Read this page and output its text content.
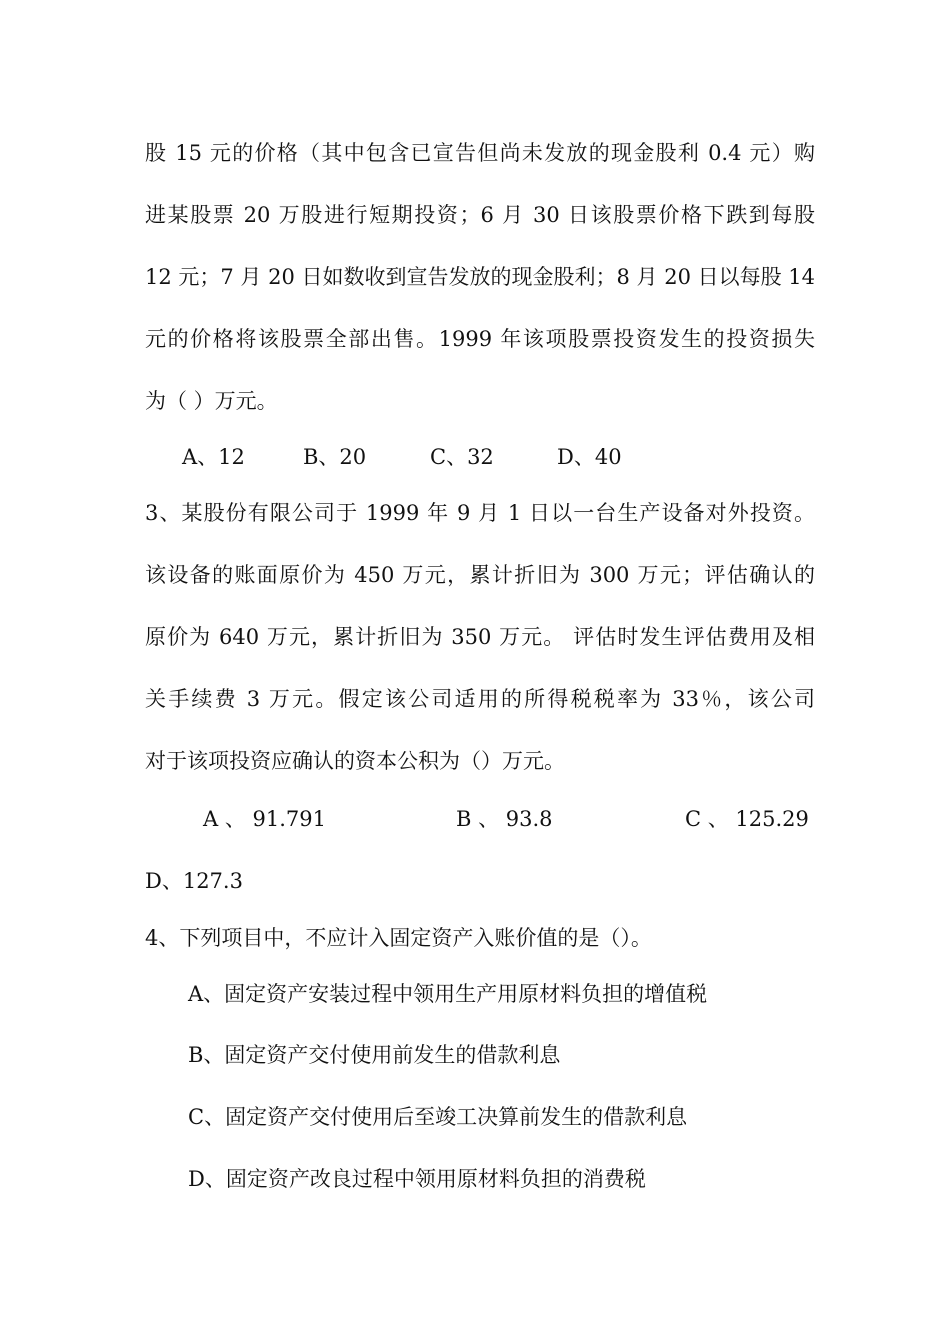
股 15 元的价格（其中包含已宣告但尚未发放的现金股利 0.4 元）购
进某股票 20 万股进行短期投资；6 月 30 日该股票价格下跌到每股
12 元；7 月 20 日如数收到宣告发放的现金股利；8 月 20 日以每股 14
元的价格将该股票全部出售。1999 年该项股票投资发生的投资损失
为（ ）万元。
A、12	B、20	C、32	D、40
3、某股份有限公司于 1999 年 9 月 1 日以一台生产设备对外投资。
该设备的账面原价为 450 万元，累计折旧为 300 万元；评估确认的
原价为 640 万元，累计折旧为 350 万元。 评估时发生评估费用及相
关手续费 3 万元。假定该公司适用的所得税税率为 33％，该公司
对于该项投资应确认的资本公积为（）万元。
A 、 91.791	B 、 93.8	C 、 125.29
D、127.3
4、下列项目中，不应计入固定资产入账价值的是（）。
A、固定资产安装过程中领用生产用原材料负担的增值税
B、固定资产交付使用前发生的借款利息
C、固定资产交付使用后至竣工决算前发生的借款利息
D、固定资产改良过程中领用原材料负担的消费税
